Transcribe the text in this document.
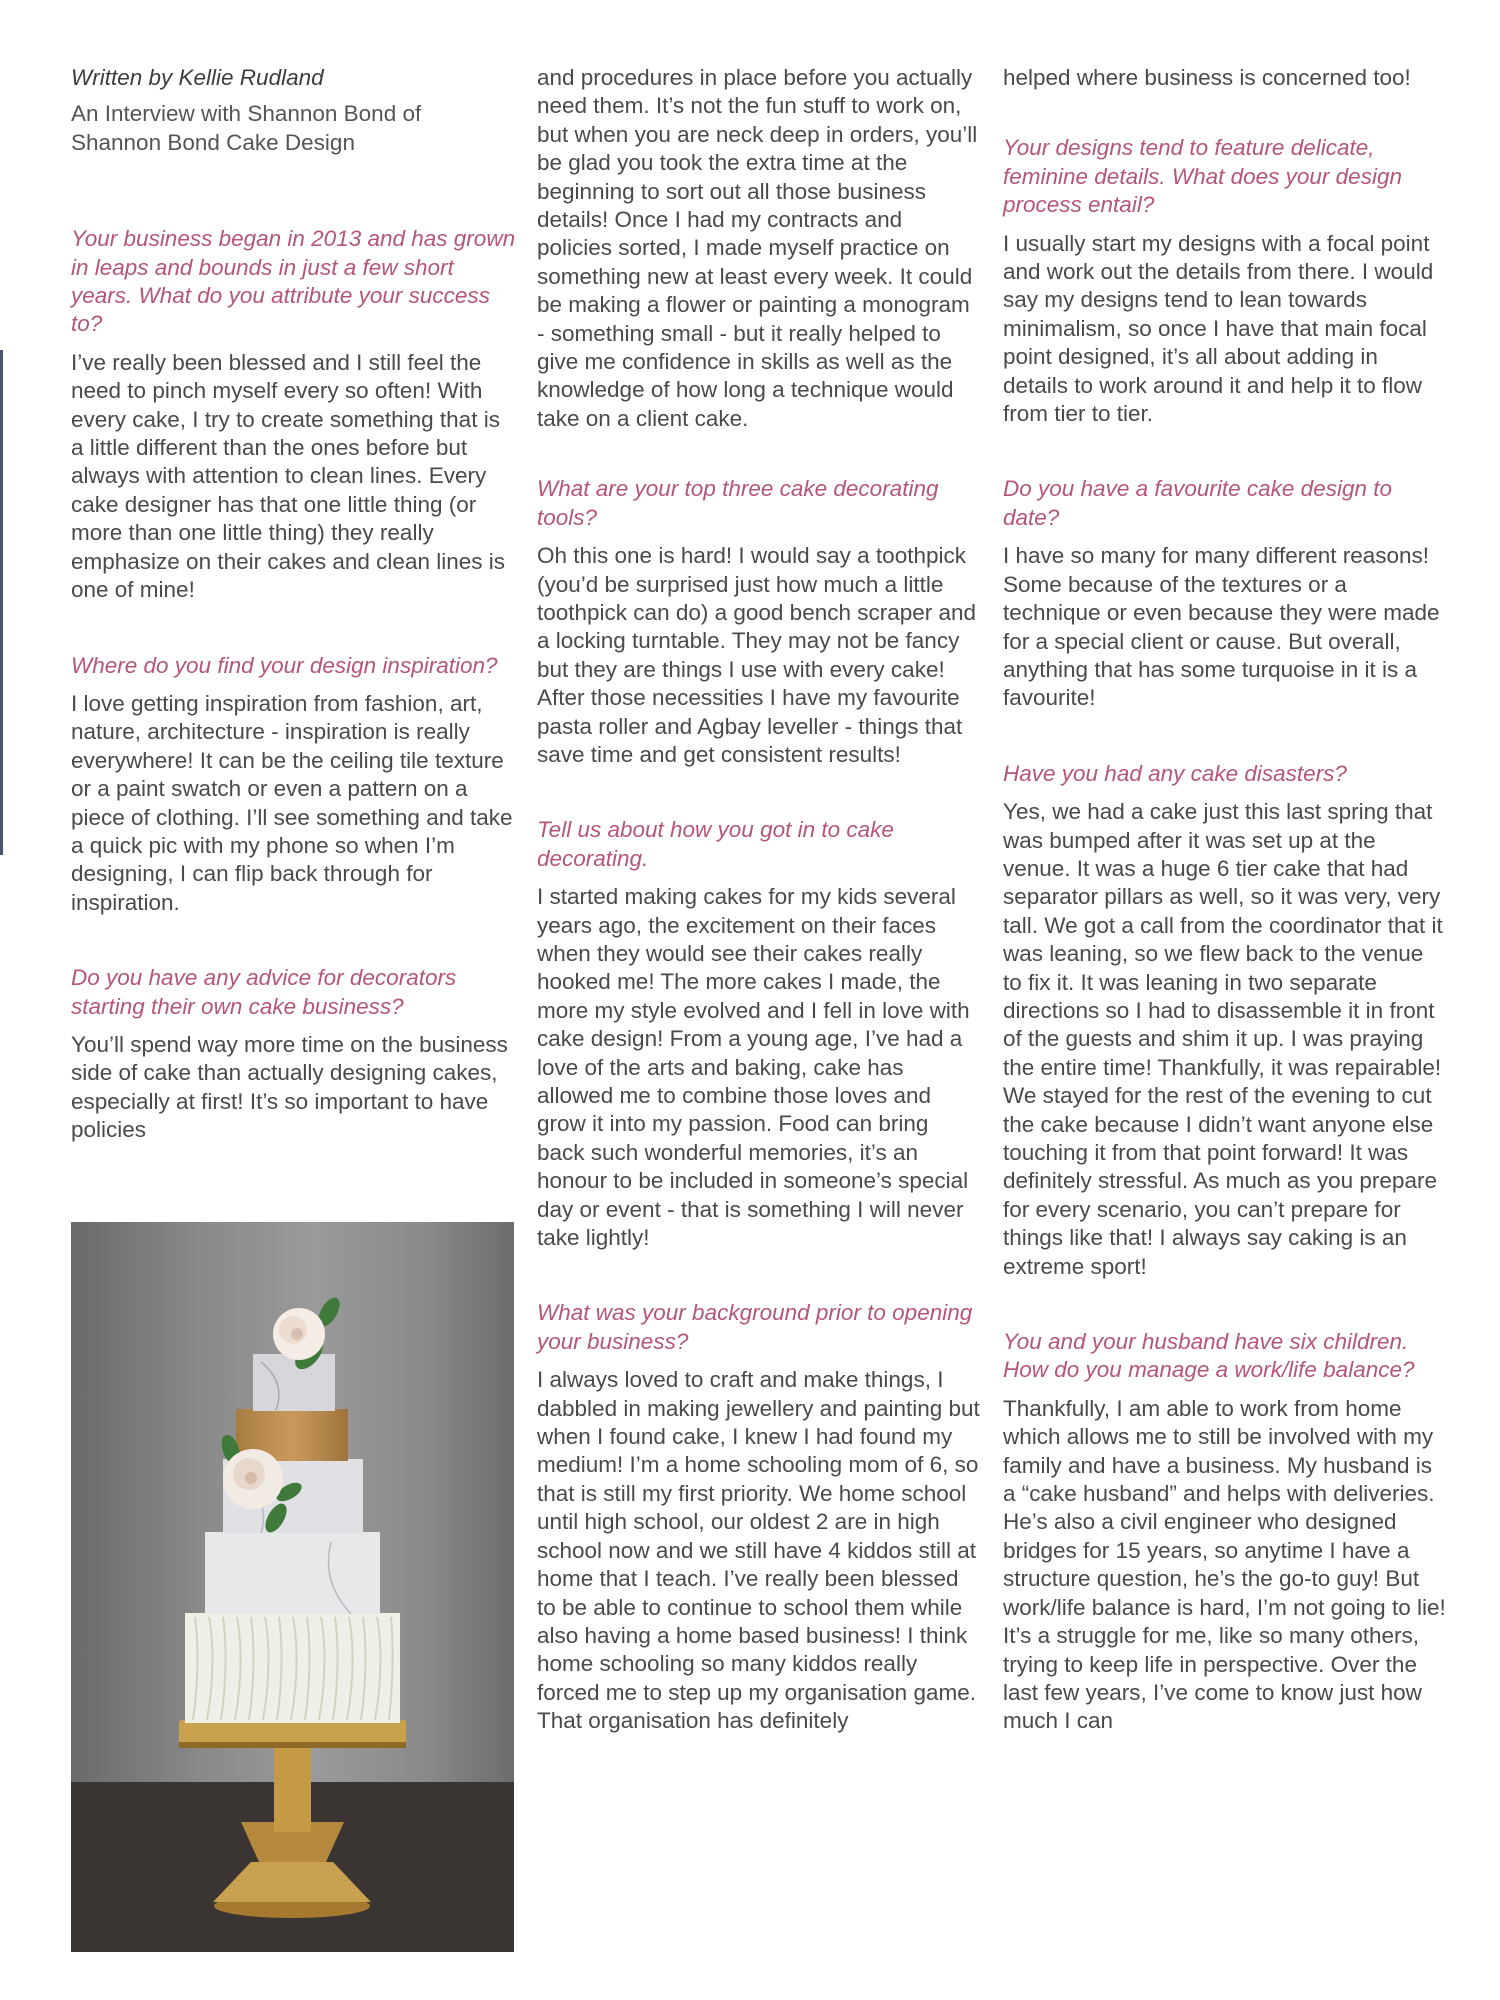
Written by Kellie Rudland

An Interview with Shannon Bond of Shannon Bond Cake Design

Your business began in 2013 and has grown in leaps and bounds in just a few short years. What do you attribute your success to?

I’ve really been blessed and I still feel the need to pinch myself every so often! With every cake, I try to create something that is a little different than the ones before but always with attention to clean lines. Every cake designer has that one little thing (or more than one little thing) they really emphasize on their cakes and clean lines is one of mine!

Where do you find your design inspiration?

I love getting inspiration from fashion, art, nature, architecture - inspiration is really everywhere! It can be the ceiling tile texture or a paint swatch or even a pattern on a piece of clothing. I’ll see something and take a quick pic with my phone so when I’m designing, I can flip back through for inspiration.

Do you have any advice for decorators starting their own cake business?

You’ll spend way more time on the business side of cake than actually designing cakes, especially at first! It’s so important to have policies

and procedures in place before you actually need them. It’s not the fun stuff to work on, but when you are neck deep in orders, you’ll be glad you took the extra time at the beginning to sort out all those business details! Once I had my contracts and policies sorted, I made myself practice on something new at least every week. It could be making a flower or painting a monogram - something small - but it really helped to give me confidence in skills as well as the knowledge of how long a technique would take on a client cake.

What are your top three cake decorating tools?

Oh this one is hard! I would say a toothpick (you’d be surprised just how much a little toothpick can do) a good bench scraper and a locking turntable. They may not be fancy but they are things I use with every cake! After those necessities I have my favourite pasta roller and Agbay leveller - things that save time and get consistent results!

Tell us about how you got in to cake decorating.

I started making cakes for my kids several years ago, the excitement on their faces when they would see their cakes really hooked me! The more cakes I made, the more my style evolved and I fell in love with cake design! From a young age, I’ve had a love of the arts and baking, cake has allowed me to combine those loves and grow it into my passion. Food can bring back such wonderful memories, it’s an honour to be included in someone’s special day or event - that is something I will never take lightly!

What was your background prior to opening your business?

I always loved to craft and make things, I dabbled in making jewellery and painting but when I found cake, I knew I had found my medium! I’m a home schooling mom of 6, so that is still my first priority. We home school until high school, our oldest 2 are in high school now and we still have 4 kiddos still at home that I teach. I’ve really been blessed to be able to continue to school them while also having a home based business! I think home schooling so many kiddos really forced me to step up my organisation game. That organisation has definitely

helped where business is concerned too!

Your designs tend to feature delicate, feminine details. What does your design process entail?

I usually start my designs with a focal point and work out the details from there. I would say my designs tend to lean towards minimalism, so once I have that main focal point designed, it’s all about adding in details to work around it and help it to flow from tier to tier.

Do you have a favourite cake design to date?

I have so many for many different reasons! Some because of the textures or a technique or even because they were made for a special client or cause. But overall, anything that has some turquoise in it is a favourite!

Have you had any cake disasters?

Yes, we had a cake just this last spring that was bumped after it was set up at the venue. It was a huge 6 tier cake that had separator pillars as well, so it was very, very tall. We got a call from the coordinator that it was leaning, so we flew back to the venue to fix it. It was leaning in two separate directions so I had to disassemble it in front of the guests and shim it up. I was praying the entire time! Thankfully, it was repairable! We stayed for the rest of the evening to cut the cake because I didn’t want anyone else touching it from that point forward! It was definitely stressful. As much as you prepare for every scenario, you can’t prepare for things like that! I always say caking is an extreme sport!

You and your husband have six children. How do you manage a work/life balance?

Thankfully, I am able to work from home which allows me to still be involved with my family and have a business. My husband is a “cake husband” and helps with deliveries. He’s also a civil engineer who designed bridges for 15 years, so anytime I have a structure question, he’s the go-to guy! But work/life balance is hard, I’m not going to lie! It’s a struggle for me, like so many others, trying to keep life in perspective. Over the last few years, I’ve come to know just how much I can
